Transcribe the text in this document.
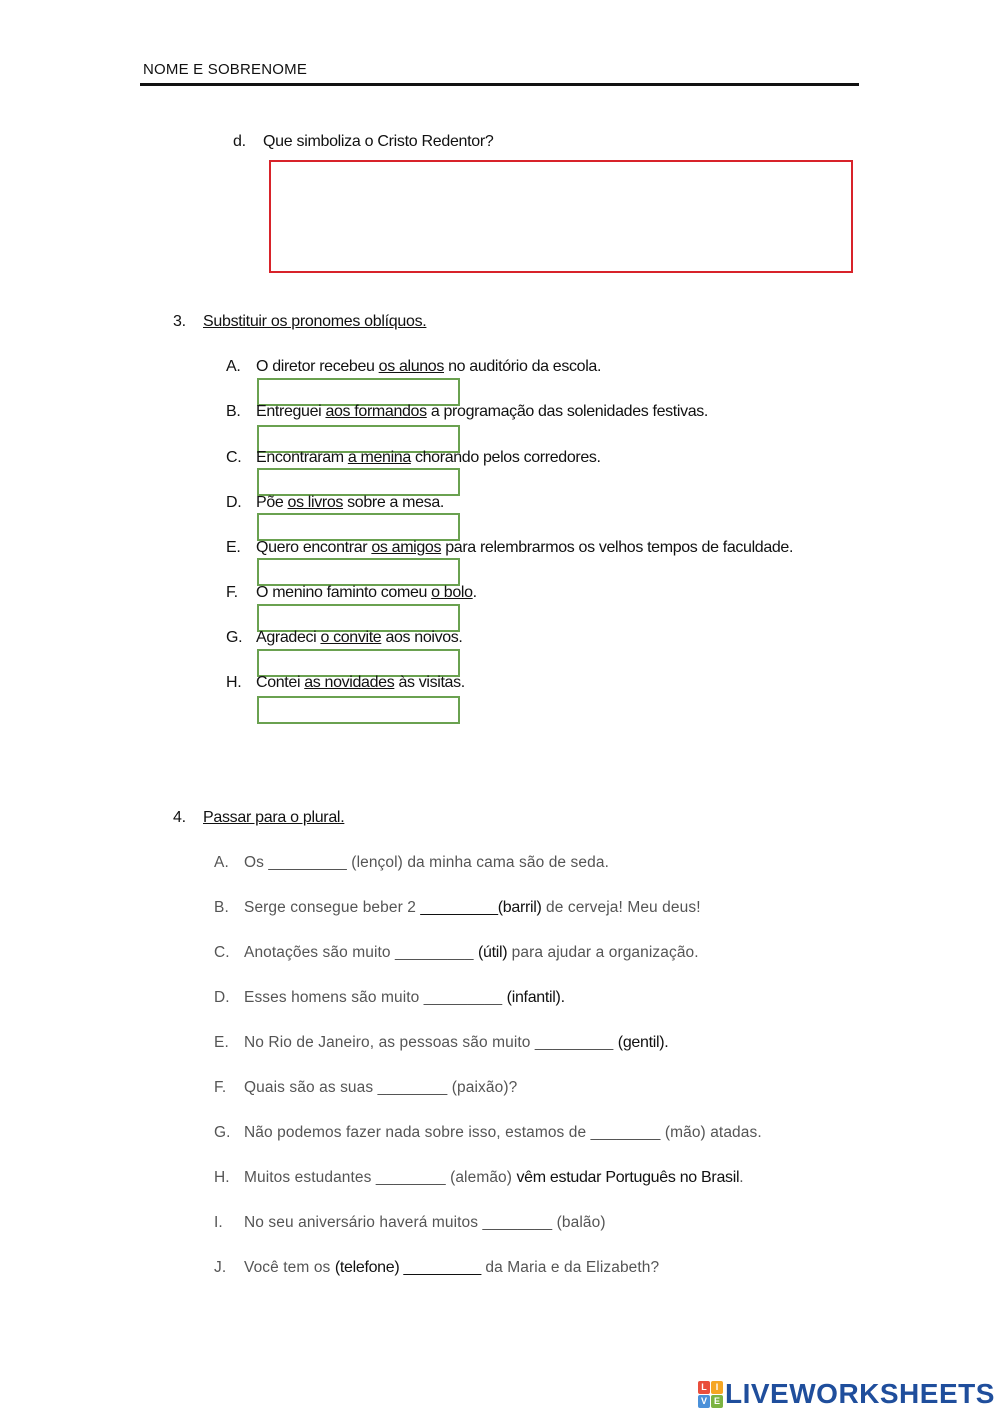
NOME E SOBRENOME
d. Que simboliza o Cristo Redentor?
3. Substituir os pronomes oblíquos.
A. O diretor recebeu os alunos no auditório da escola.
B. Entreguei aos formandos a programação das solenidades festivas.
C. Encontraram a menina chorando pelos corredores.
D. Põe os livros sobre a mesa.
E. Quero encontrar os amigos para relembrarmos os velhos tempos de faculdade.
F. O menino faminto comeu o bolo.
G. Agradeci o convite aos noivos.
H. Contei as novidades às visitas.
4. Passar para o plural.
A. Os _________ (lençol) da minha cama são de seda.
B. Serge consegue beber 2 _________(barril) de cerveja! Meu deus!
C. Anotações são muito _________ (útil) para ajudar a organização.
D. Esses homens são muito _________ (infantil).
E. No Rio de Janeiro, as pessoas são muito _________ (gentil).
F. Quais são as suas ________ (paixão)?
G. Não podemos fazer nada sobre isso, estamos de ________ (mão) atadas.
H. Muitos estudantes ________ (alemão) vêm estudar Português no Brasil.
I. No seu aniversário haverá muitos ________ (balão)
J. Você tem os (telefone) _________ da Maria e da Elizabeth?
L I
V E LIVEWORKSHEETS
